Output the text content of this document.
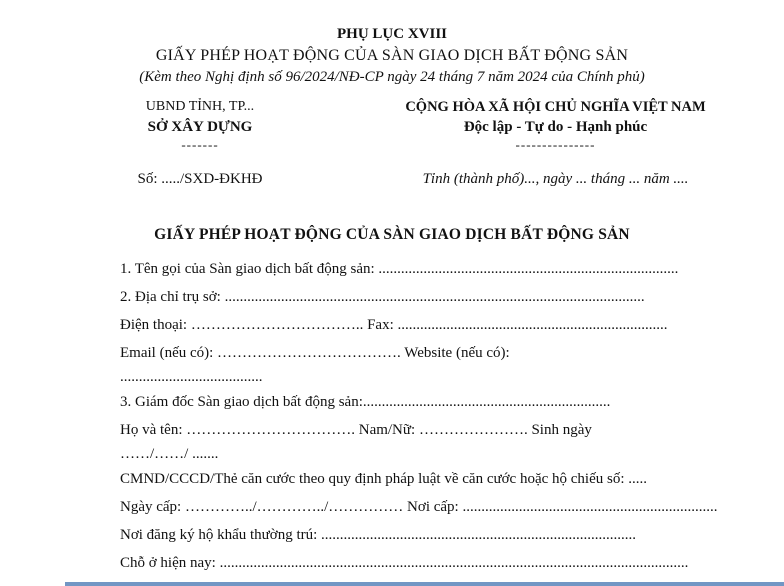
PHỤ LỤC XVIII
GIẤY PHÉP HOẠT ĐỘNG CỦA SÀN GIAO DỊCH BẤT ĐỘNG SẢN
(Kèm theo Nghị định số 96/2024/NĐ-CP ngày 24 tháng 7 năm 2024 của Chính phủ)
UBND TỈNH, TP...
SỞ XÂY DỰNG
-------
Số: ...../SXD-ĐKHĐ
CỘNG HÒA XÃ HỘI CHỦ NGHĨA VIỆT NAM
Độc lập - Tự do - Hạnh phúc
---------------
Tỉnh (thành phố)..., ngày ... tháng ... năm ....
GIẤY PHÉP HOẠT ĐỘNG CỦA SÀN GIAO DỊCH BẤT ĐỘNG SẢN
1. Tên gọi của Sàn giao dịch bất động sản: ................................................................................
2. Địa chỉ trụ sở: ................................................................................................................
Điện thoại: …………………………….. Fax: ........................................................................
Email (nếu có): ………………………………. Website (nếu có):
......................................
3. Giám đốc Sàn giao dịch bất động sản:..................................................................
Họ và tên: ……………………………. Nam/Nữ: …………………. Sinh ngày
……/……/ .......
CMND/CCCD/Thẻ căn cước theo quy định pháp luật về căn cước hoặc hộ chiếu số: .....
Ngày cấp: …………../…………../…………… Nơi cấp: ....................................................................
Nơi đăng ký hộ khẩu thường trú: ....................................................................................
Chỗ ở hiện nay: .............................................................................................................................
